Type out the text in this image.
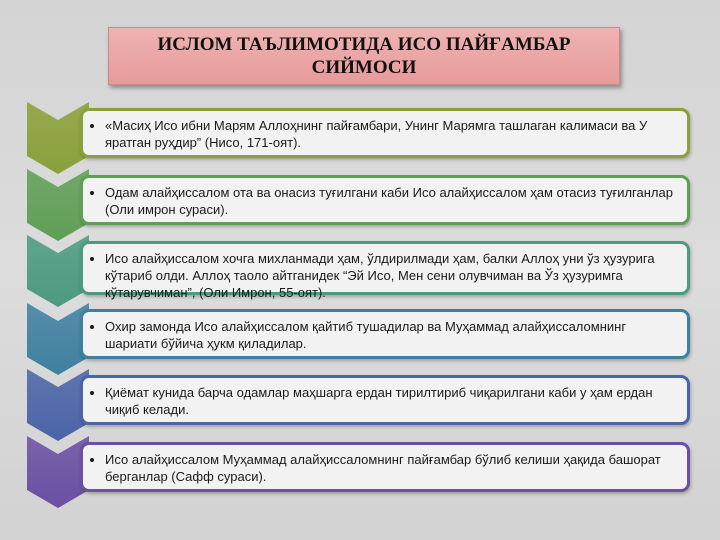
ИСЛОМ ТАЪЛИМОТИДА ИСО ПАЙҒАМБАР СИЙМОСИ
• «Масиҳ Исо ибни Марям Аллоҳнинг пайғамбари, Унинг Марямга ташлаган калимаси ва У яратган руҳдир” (Нисо, 171-оят).
• Одам алайҳиссалом ота ва онасиз туғилгани каби Исо алайҳиссалом ҳам отасиз туғилганлар (Оли имрон сураси).
• Исо алайҳиссалом хочга михланмади ҳам, ўлдирилмади ҳам, балки Аллоҳ уни ўз ҳузурига кўтариб олди. Аллоҳ таоло айтганидек “Эй Исо, Мен сени олувчиман ва Ўз ҳузуримга кўтарувчиман”, (Оли Имрон, 55-оят).
• Охир замонда Исо алайҳиссалом қайтиб тушадилар ва Муҳаммад алайҳиссаломнинг шариати бўйича ҳукм қиладилар.
• Қиёмат кунида барча одамлар маҳшарга ердан тирилтириб чиқарилгани каби у ҳам ердан чиқиб келади.
• Исо алайҳиссалом Муҳаммад алайҳиссаломнинг пайғамбар бўлиб келиши ҳақида башорат берганлар (Сафф сураси).
